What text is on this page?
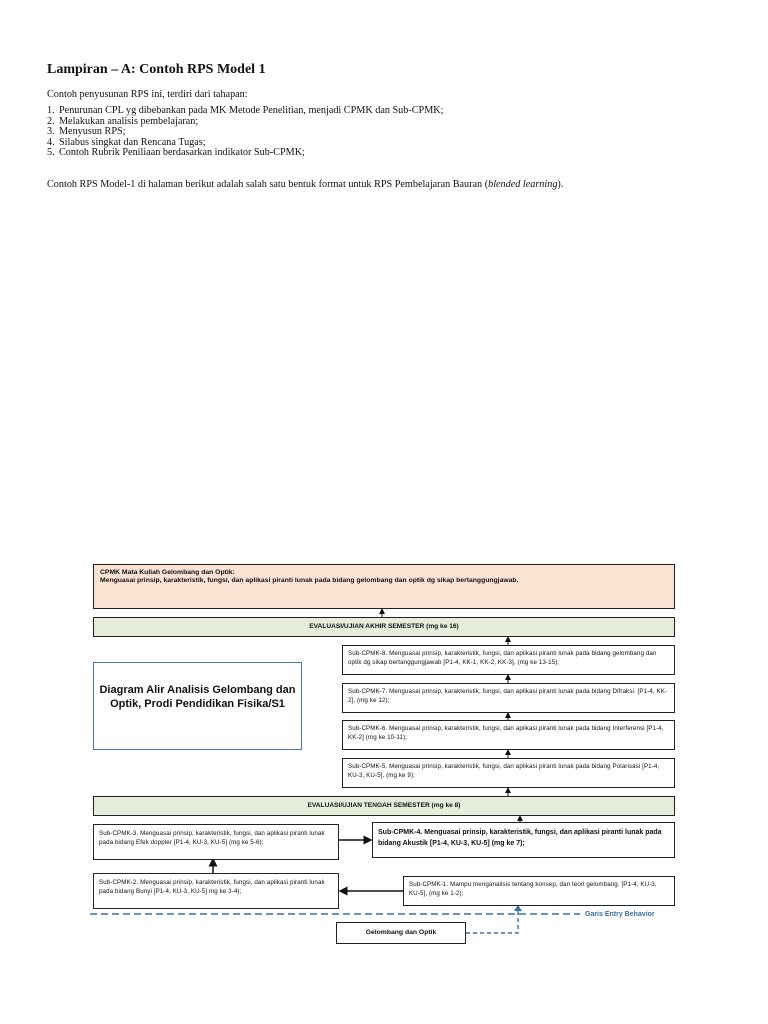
Lampiran – A: Contoh RPS Model 1
Contoh penyusunan RPS ini, terdiri dari tahapan:
1. Penurunan CPL yg dibebankan pada MK Metode Penelitian, menjadi CPMK dan Sub-CPMK;
2. Melakukan analisis pembelajaran;
3. Menyusun RPS;
4. Silabus singkat dan Rencana Tugas;
5. Contoh Rubrik Peniliaan berdasarkan indikator Sub-CPMK;
Contoh RPS Model-1 di halaman berikut adalah salah satu bentuk format untuk RPS Pembelajaran Bauran (blended learning).

CPMK Mata Kuliah Gelombang dan Optik:

Menguasai prinsip, karakteristik, fungsi, dan aplikasi piranti lunak pada bidang gelombang dan optik dg sikap bertanggungjawab.

EVALUASI/UJIAN AKHIR SEMESTER (mg ke 16)
Sub-CPMK-8. Menguasai prinsip, karakteristik, fungsi, dan aplikasi piranti lunak pada bidang gelombang dan optik dg sikap bertanggungjawab [P1-4, KK-1, KK-2, KK-3], (mg ke 13-15);
Sub-CPMK-7. Menguasai prinsip, karakteristik, fungsi, dan aplikasi piranti lunak pada bidang Difraksi. [P1-4, KK-2], (mg ke 12);
Sub-CPMK-6. Menguasai prinsip, karakteristik, fungsi, dan aplikasi piranti lunak pada bidang Interferensi [P1-4, KK-2] (mg ke 10-11);
Sub-CPMK-5. Menguasai prinsip, karakteristik, fungsi, dan aplikasi piranti lunak pada bidang Polarisasi [P1-4, KU-3, KU-5], (mg ke 9);
Diagram Alir Analisis Gelombang dan Optik, Prodi Pendidikan Fisika/S1
EVALUASI/UJIAN TENGAH SEMESTER (mg ke 8)
Sub-CPMK-3. Menguasai prinsip, karakteristik, fungsi, dan aplikasi piranti lunak pada bidang Efek doppler [P1-4, KU-3, KU-5] (mg ke 5-6);

Sub-CPMK-4. Menguasai prinsip, karakteristik, fungsi, dan aplikasi piranti lunak pada bidang Akustik [P1-4, KU-3, KU-5] (mg ke 7);

Sub-CPMK-2. Menguasai prinsip, karakteristik, fungsi, dan aplikasi piranti lunak pada bidang Bunyi [P1-4, KU-3, KU-5] mg ke 3-4);
Sub-CPMK-1. Mampu menganalisis tentang konsep, dan teori gelombang. [P1-4, KU-3, KU-5], (mg ke 1-2);
Garis Entry Behavior
Gelombang dan Optik
